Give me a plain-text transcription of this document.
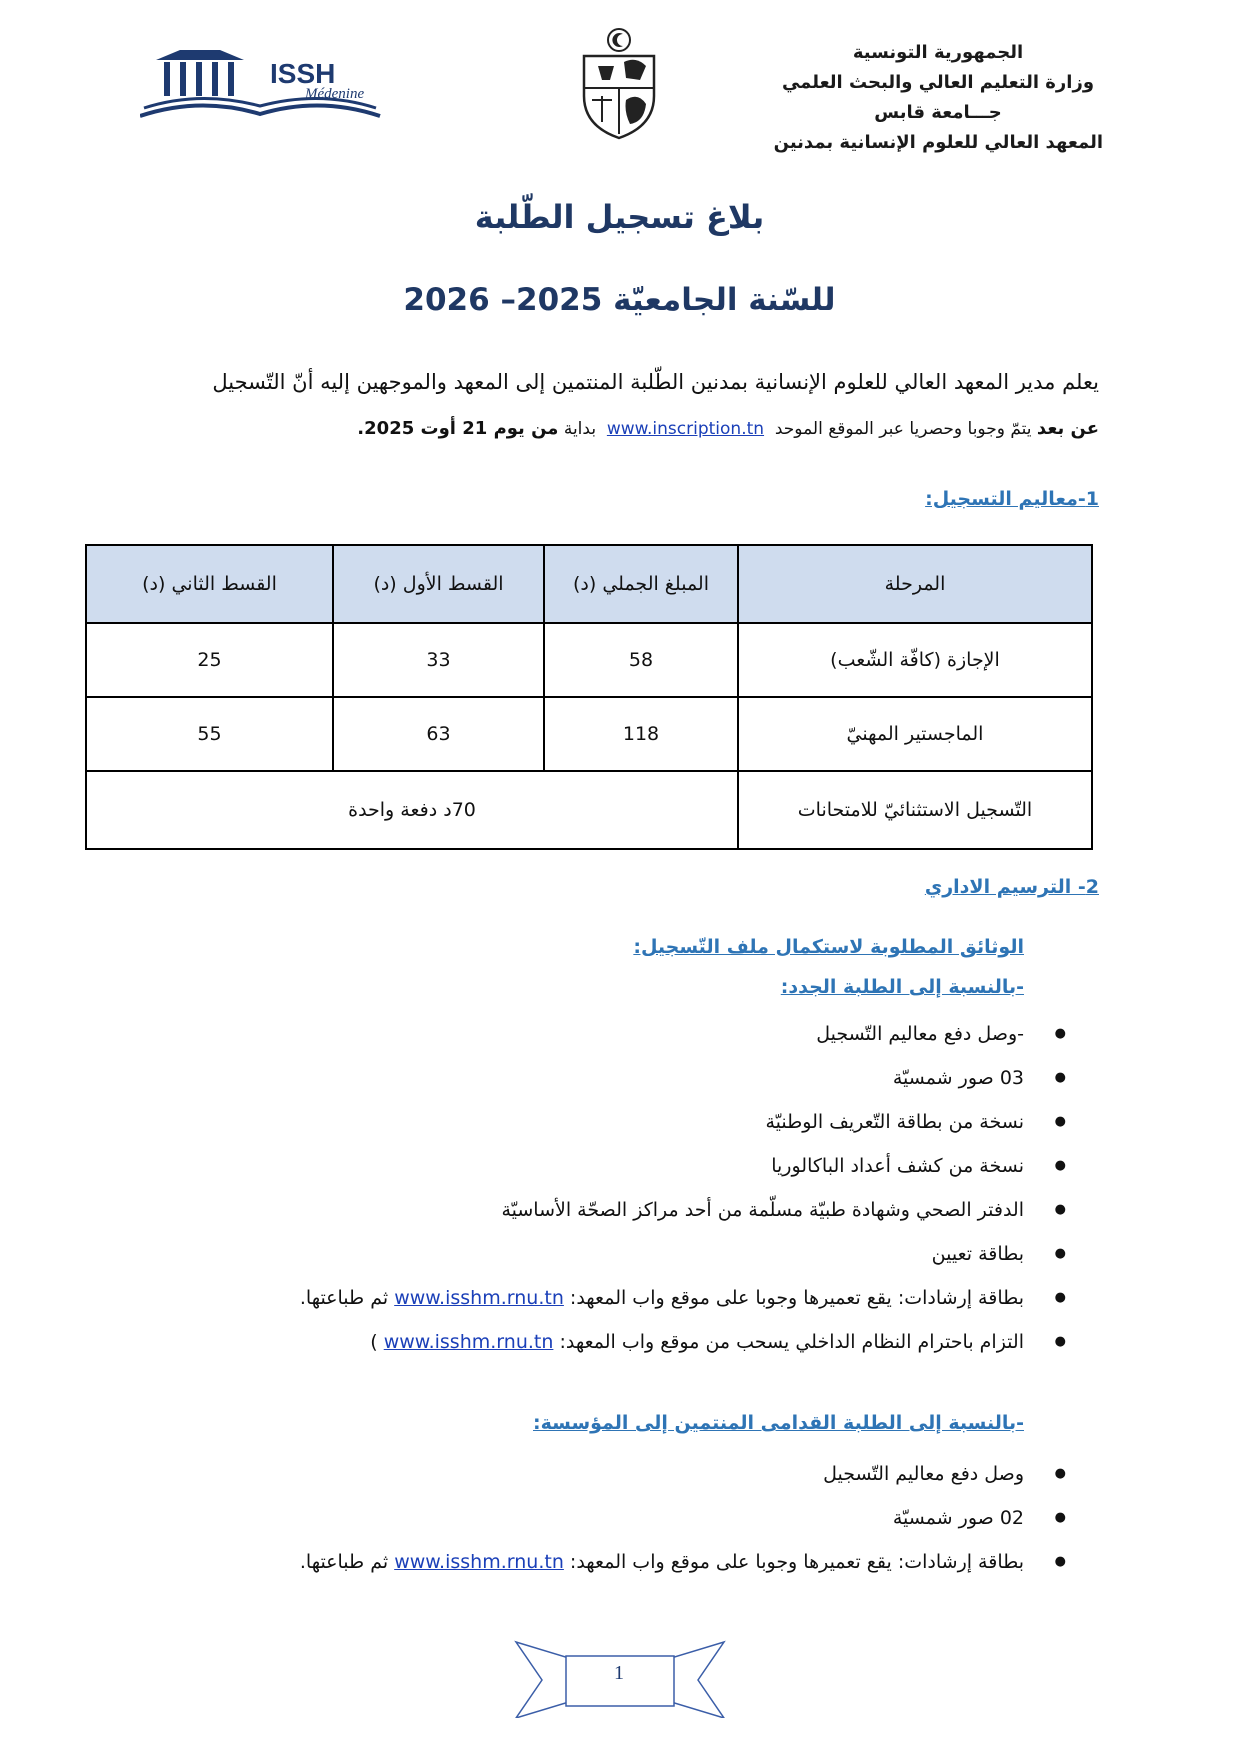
الجمهورية التونسية
وزارة التعليم العالي والبحث العلمي
جـــامعة قابس
المعهد العالي للعلوم الإنسانية بمدنين
ISSH
Médenine
بلاغ تسجيل الطّلبة
للسّنة الجامعيّة 2025– 2026
يعلم مدير المعهد العالي للعلوم الإنسانية بمدنين الطّلبة المنتمين إلى المعهد والموجهين إليه أنّ التّسجيل
عن بعد يتمّ وجوبا وحصريا عبر الموقع الموحد  www.inscription.tn  بداية من يوم 21 أوت 2025.
1-معاليم التسجيل:
المرحلة	المبلغ الجملي (د)	القسط الأول (د)	القسط الثاني (د)
الإجازة (كافّة الشّعب)	58	33	25
الماجستير المهنيّ	118	63	55
التّسجيل الاستثنائيّ للامتحانات	70د دفعة واحدة		
2- الترسيم الاداري
الوثائق المطلوبة لاستكمال ملف التّسجيل:
-بالنسبة إلى الطلبة الجدد:
● -وصل دفع معاليم التّسجيل
● 03 صور شمسيّة
● نسخة من بطاقة التّعريف الوطنيّة
● نسخة من كشف أعداد الباكالوريا
● الدفتر الصحي وشهادة طبيّة مسلّمة من أحد مراكز الصحّة الأساسيّة
● بطاقة تعيين
● بطاقة إرشادات: يقع تعميرها وجوبا على موقع واب المعهد: www.isshm.rnu.tn ثم طباعتها.
● التزام باحترام النظام الداخلي يسحب من موقع واب المعهد: www.isshm.rnu.tn )
-بالنسبة إلى الطلبة القدامى المنتمين إلى المؤسسة:
● وصل دفع معاليم التّسجيل
● 02 صور شمسيّة
● بطاقة إرشادات: يقع تعميرها وجوبا على موقع واب المعهد: www.isshm.rnu.tn ثم طباعتها.
1
